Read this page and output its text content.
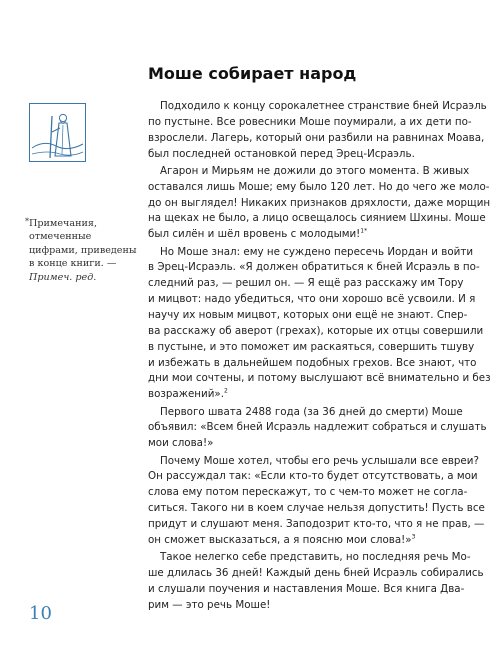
Моше собирает народ
* Примечания,
отмеченные
цифрами, приведены
в конце книги. —
Примеч. ред.
Подходило к концу сорокалетнее странствие бней Исраэль
по пустыне. Все ровесники Моше поумирали, а их дети по-
взрослели. Лагерь, который они разбили на равнинах Моава,
был последней остановкой перед Эрец-Исраэль.
Агарон и Мирьям не дожили до этого момента. В живых
оставался лишь Моше; ему было 120 лет. Но до чего же моло-
до он выглядел! Никаких признаков дряхлости, даже морщин
на щеках не было, а лицо освещалось сиянием Шхины. Моше
был силён и шёл вровень с молодыми!$^{1*}$
Но Моше знал: ему не суждено пересечь Иордан и войти
в Эрец-Исраэль. «Я должен обратиться к бней Исраэль в по-
следний раз, — решил он. — Я ещё раз расскажу им Тору
и мицвот: надо убедиться, что они хорошо всё усвоили. И я
научу их новым мицвот, которых они ещё не знают. Спер-
ва расскажу об аверот (грехах), которые их отцы совершили
в пустыне, и это поможет им раскаяться, совершить тшуву
и избежать в дальнейшем подобных грехов. Все знают, что
дни мои сочтены, и потому выслушают всё внимательно и без
возражений».$^2$
Первого швата 2488 года (за 36 дней до смерти) Моше
объявил: «Всем бней Исраэль надлежит собраться и слушать
мои слова!»
Почему Моше хотел, чтобы его речь услышали все евреи?
Он рассуждал так: «Если кто-то будет отсутствовать, а мои
слова ему потом перескажут, то с чем-то может не согла-
ситься. Такого ни в коем случае нельзя допустить! Пусть все
придут и слушают меня. Заподозрит кто-то, что я не прав, —
он сможет высказаться, а я поясню мои слова!»$^3$
Такое нелегко себе представить, но последняя речь Мо-
ше длилась 36 дней! Каждый день бней Исраэль собирались
и слушали поучения и наставления Моше. Вся книга Два-
рим — это речь Моше!
10
